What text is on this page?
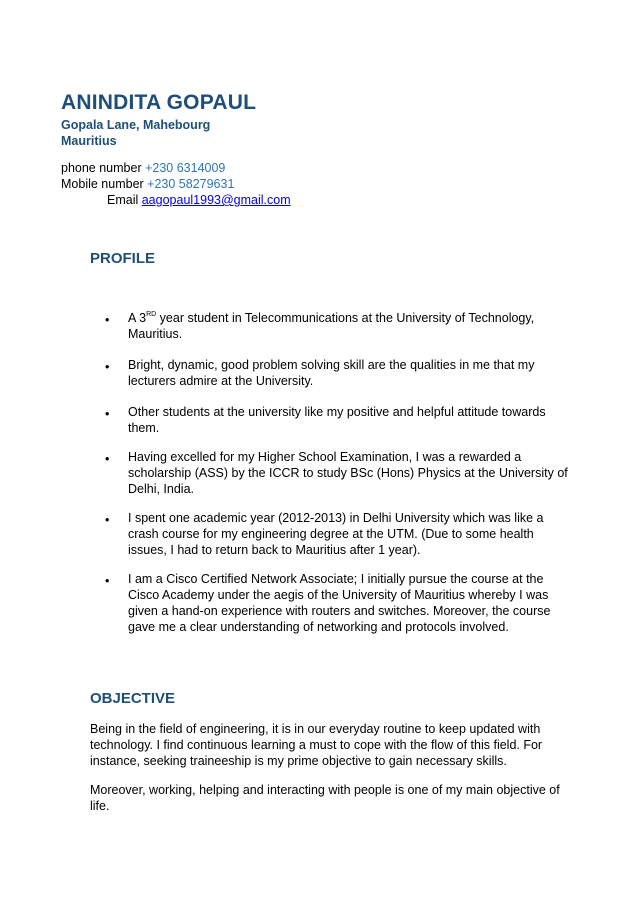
ANINDITA GOPAUL
Gopala Lane, Mahebourg
Mauritius
phone number +230 6314009
Mobile number +230 58279631
Email aagopaul1993@gmail.com
PROFILE
• A 3RD year student in Telecommunications at the University of Technology, Mauritius.
• Bright, dynamic, good problem solving skill are the qualities in me that my lecturers admire at the University.
• Other students at the university like my positive and helpful attitude towards them.
• Having excelled for my Higher School Examination, I was a rewarded a scholarship (ASS) by the ICCR to study BSc (Hons) Physics at the University of Delhi, India.
• I spent one academic year (2012-2013) in Delhi University which was like a crash course for my engineering degree at the UTM. (Due to some health issues, I had to return back to Mauritius after 1 year).
• I am a Cisco Certified Network Associate; I initially pursue the course at the Cisco Academy under the aegis of the University of Mauritius whereby I was given a hand-on experience with routers and switches. Moreover, the course gave me a clear understanding of networking and protocols involved.
OBJECTIVE
Being in the field of engineering, it is in our everyday routine to keep updated with technology. I find continuous learning a must to cope with the flow of this field. For instance, seeking traineeship is my prime objective to gain necessary skills.
Moreover, working, helping and interacting with people is one of my main objective of life.
